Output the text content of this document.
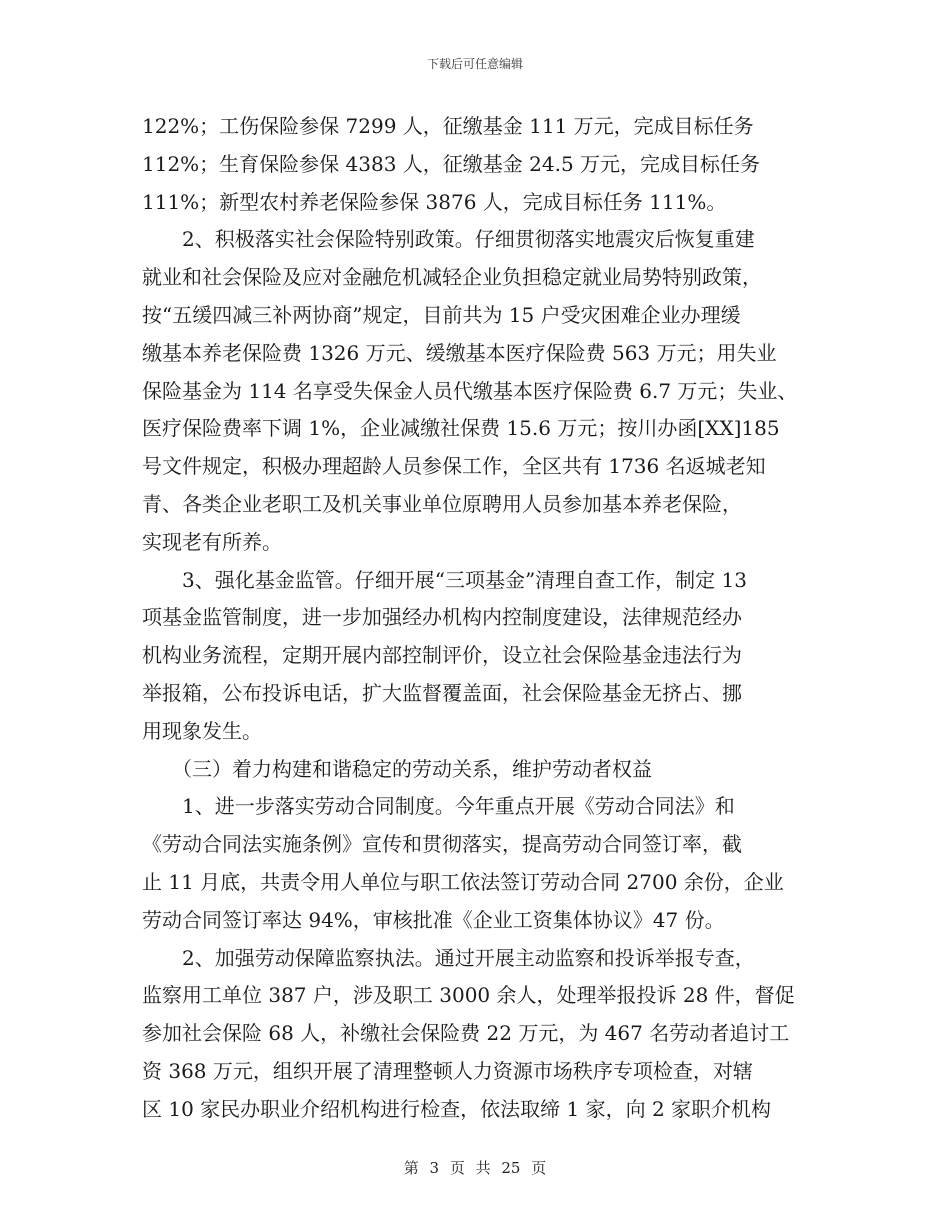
下载后可任意编辑
122%；工伤保险参保 7299 人，征缴基金 111 万元，完成目标任务
112%；生育保险参保 4383 人，征缴基金 24.5 万元，完成目标任务
111%；新型农村养老保险参保 3876 人，完成目标任务 111%。
　　2、积极落实社会保险特别政策。仔细贯彻落实地震灾后恢复重建
就业和社会保险及应对金融危机减轻企业负担稳定就业局势特别政策，
按“五缓四减三补两协商”规定，目前共为 15 户受灾困难企业办理缓
缴基本养老保险费 1326 万元、缓缴基本医疗保险费 563 万元；用失业
保险基金为 114 名享受失保金人员代缴基本医疗保险费 6.7 万元；失业、
医疗保险费率下调 1%，企业减缴社保费 15.6 万元；按川办函[XX]185
号文件规定，积极办理超龄人员参保工作，全区共有 1736 名返城老知
青、各类企业老职工及机关事业单位原聘用人员参加基本养老保险，
实现老有所养。
　　3、强化基金监管。仔细开展“三项基金”清理自查工作，制定 13
项基金监管制度，进一步加强经办机构内控制度建设，法律规范经办
机构业务流程，定期开展内部控制评价，设立社会保险基金违法行为
举报箱，公布投诉电话，扩大监督覆盖面，社会保险基金无挤占、挪
用现象发生。
　　（三）着力构建和谐稳定的劳动关系，维护劳动者权益
　　1、进一步落实劳动合同制度。今年重点开展《劳动合同法》和
《劳动合同法实施条例》宣传和贯彻落实，提高劳动合同签订率，截
止 11 月底，共责令用人单位与职工依法签订劳动合同 2700 余份，企业
劳动合同签订率达 94%，审核批准《企业工资集体协议》47 份。
　　2、加强劳动保障监察执法。通过开展主动监察和投诉举报专查，
监察用工单位 387 户，涉及职工 3000 余人，处理举报投诉 28 件，督促
参加社会保险 68 人，补缴社会保险费 22 万元，为 467 名劳动者追讨工
资 368 万元，组织开展了清理整顿人力资源市场秩序专项检查，对辖
区 10 家民办职业介绍机构进行检查，依法取缔 1 家，向 2 家职介机构
第 3 页 共 25 页
